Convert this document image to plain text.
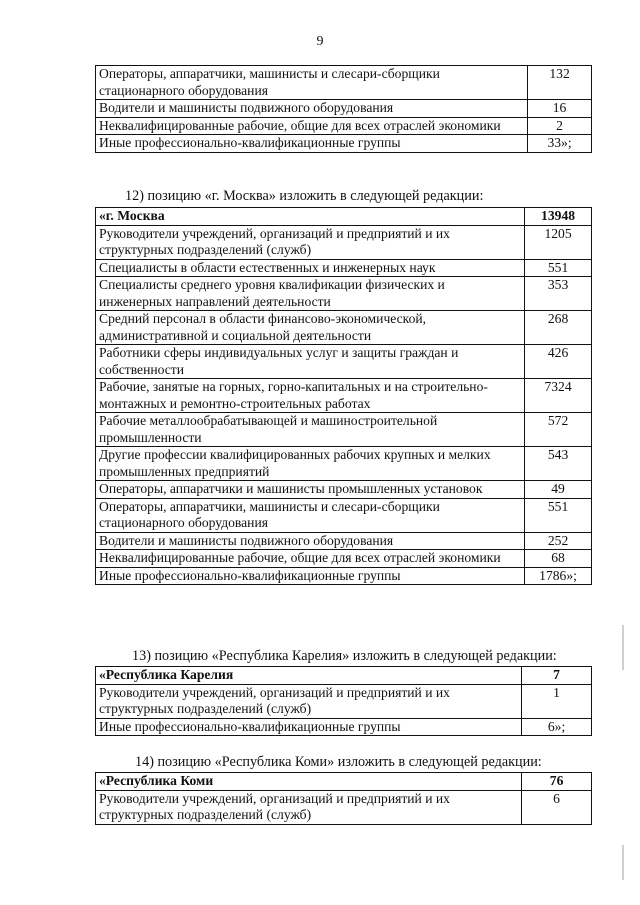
9
Операторы, аппаратчики, машинисты и слесари-сборщики стационарного оборудования	132
Водители и машинисты подвижного оборудования	16
Неквалифицированные рабочие, общие для всех отраслей экономики	2
Иные профессионально-квалификационные группы	33»;
12) позицию «г. Москва» изложить в следующей редакции:
«г. Москва	13948
Руководители учреждений, организаций и предприятий и их структурных подразделений (служб)	1205
Специалисты в области естественных и инженерных наук	551
Специалисты среднего уровня квалификации физических и инженерных направлений деятельности	353
Средний персонал в области финансово-экономической, административной и социальной деятельности	268
Работники сферы индивидуальных услуг и защиты граждан и собственности	426
Рабочие, занятые на горных, горно-капитальных и на строительно-монтажных и ремонтно-строительных работах	7324
Рабочие металлообрабатывающей и машиностроительной промышленности	572
Другие профессии квалифицированных рабочих крупных и мелких промышленных предприятий	543
Операторы, аппаратчики и машинисты промышленных установок	49
Операторы, аппаратчики, машинисты и слесари-сборщики стационарного оборудования	551
Водители и машинисты подвижного оборудования	252
Неквалифицированные рабочие, общие для всех отраслей экономики	68
Иные профессионально-квалификационные группы	1786»;
13) позицию «Республика Карелия» изложить в следующей редакции:
«Республика Карелия	7
Руководители учреждений, организаций и предприятий и их структурных подразделений (служб)	1
Иные профессионально-квалификационные группы	6»;
14) позицию «Республика Коми» изложить в следующей редакции:
«Республика Коми	76
Руководители учреждений, организаций и предприятий и их структурных подразделений (служб)	6
